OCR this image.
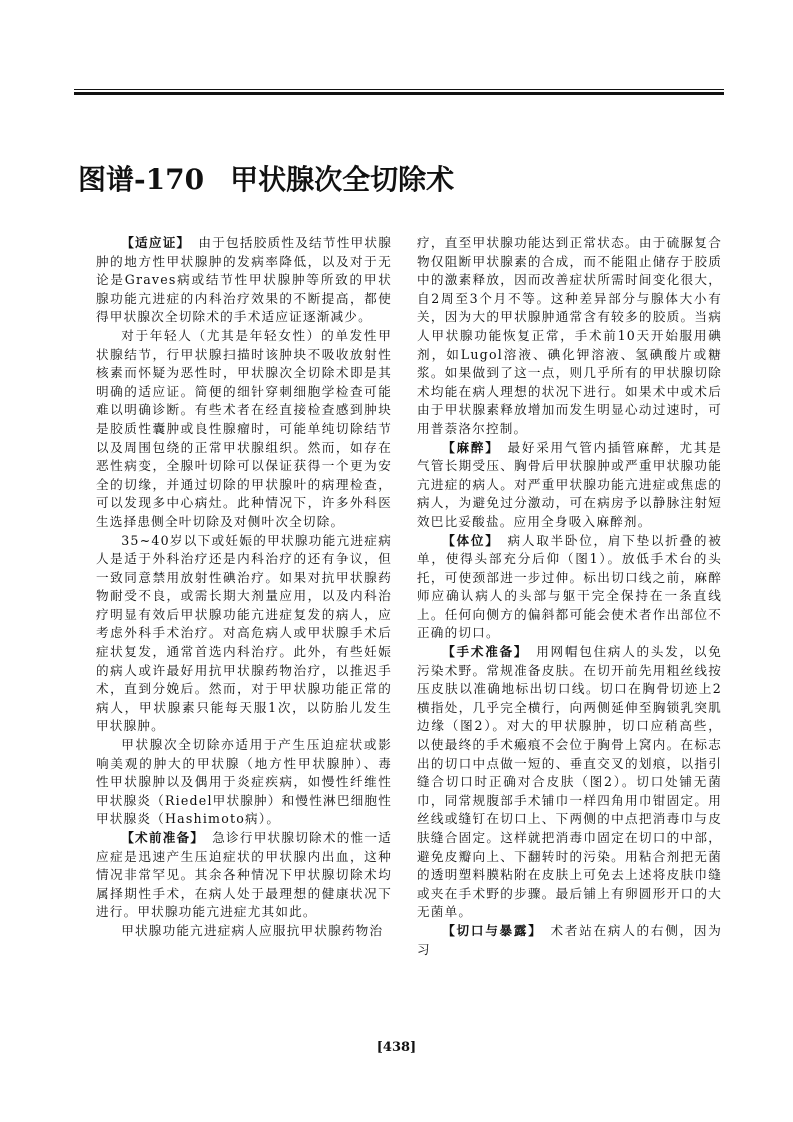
图谱-170 甲状腺次全切除术

【适应证】 由于包括胶质性及结节性甲状腺肿的地方性甲状腺肿的发病率降低，以及对于无论是Graves病或结节性甲状腺肿等所致的甲状腺功能亢进症的内科治疗效果的不断提高，都使得甲状腺次全切除术的手术适应证逐渐减少。

对于年轻人（尤其是年轻女性）的单发性甲状腺结节，行甲状腺扫描时该肿块不吸收放射性核素而怀疑为恶性时，甲状腺次全切除术即是其明确的适应证。简便的细针穿刺细胞学检查可能难以明确诊断。有些术者在经直接检查感到肿块是胶质性囊肿或良性腺瘤时，可能单纯切除结节以及周围包绕的正常甲状腺组织。然而，如存在恶性病变，全腺叶切除可以保证获得一个更为安全的切缘，并通过切除的甲状腺叶的病理检查，可以发现多中心病灶。此种情况下，许多外科医生选择患侧全叶切除及对侧叶次全切除。

35~40岁以下或妊娠的甲状腺功能亢进症病人是适于外科治疗还是内科治疗的还有争议，但一致同意禁用放射性碘治疗。如果对抗甲状腺药物耐受不良，或需长期大剂量应用，以及内科治疗明显有效后甲状腺功能亢进症复发的病人，应考虑外科手术治疗。对高危病人或甲状腺手术后症状复发，通常首选内科治疗。此外，有些妊娠的病人或许最好用抗甲状腺药物治疗，以推迟手术，直到分娩后。然而，对于甲状腺功能正常的病人，甲状腺素只能每天服1次，以防胎儿发生甲状腺肿。

甲状腺次全切除亦适用于产生压迫症状或影响美观的肿大的甲状腺（地方性甲状腺肿）、毒性甲状腺肿以及偶用于炎症疾病，如慢性纤维性甲状腺炎（Riedel甲状腺肿）和慢性淋巴细胞性甲状腺炎（Hashimoto病）。

【术前准备】 急诊行甲状腺切除术的惟一适应症是迅速产生压迫症状的甲状腺内出血，这种情况非常罕见。其余各种情况下甲状腺切除术均属择期性手术，在病人处于最理想的健康状况下进行。甲状腺功能亢进症尤其如此。

甲状腺功能亢进症病人应服抗甲状腺药物治

疗，直至甲状腺功能达到正常状态。由于硫脲复合物仅阻断甲状腺素的合成，而不能阻止储存于胶质中的激素释放，因而改善症状所需时间变化很大，自2周至3个月不等。这种差异部分与腺体大小有关，因为大的甲状腺肿通常含有较多的胶质。当病人甲状腺功能恢复正常，手术前10天开始服用碘剂，如Lugol溶液、碘化钾溶液、氢碘酸片或糖浆。如果做到了这一点，则几乎所有的甲状腺切除术均能在病人理想的状况下进行。如果术中或术后由于甲状腺素释放增加而发生明显心动过速时，可用普萘洛尔控制。

【麻醉】 最好采用气管内插管麻醉，尤其是气管长期受压、胸骨后甲状腺肿或严重甲状腺功能亢进症的病人。对严重甲状腺功能亢进症或焦虑的病人，为避免过分激动，可在病房予以静脉注射短效巴比妥酸盐。应用全身吸入麻醉剂。

【体位】 病人取半卧位，肩下垫以折叠的被单，使得头部充分后仰（图1）。放低手术台的头托，可使颈部进一步过伸。标出切口线之前，麻醉师应确认病人的头部与躯干完全保持在一条直线上。任何向侧方的偏斜都可能会使术者作出部位不正确的切口。

【手术准备】 用网帽包住病人的头发，以免污染术野。常规准备皮肤。在切开前先用粗丝线按压皮肤以准确地标出切口线。切口在胸骨切迹上2横指处，几乎完全横行，向两侧延伸至胸锁乳突肌边缘（图2）。对大的甲状腺肿，切口应稍高些，以使最终的手术瘢痕不会位于胸骨上窝内。在标志出的切口中点做一短的、垂直交叉的划痕，以指引缝合切口时正确对合皮肤（图2）。切口处铺无菌巾，同常规腹部手术铺巾一样四角用巾钳固定。用丝线或缝钉在切口上、下两侧的中点把消毒巾与皮肤缝合固定。这样就把消毒巾固定在切口的中部，避免皮瓣向上、下翻转时的污染。用粘合剂把无菌的透明塑料膜粘附在皮肤上可免去上述将皮肤巾缝或夹在手术野的步骤。最后铺上有卵圆形开口的大无菌单。

【切口与暴露】 术者站在病人的右侧，因为习

[438]
